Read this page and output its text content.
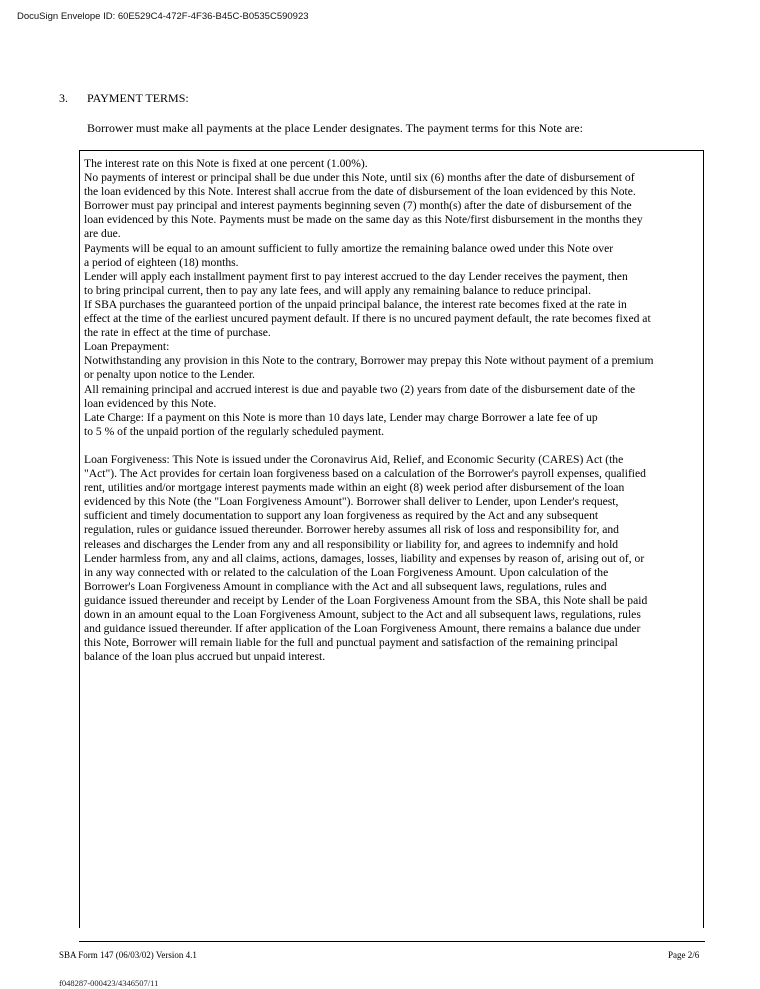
DocuSign Envelope ID: 60E529C4-472F-4F36-B45C-B0535C590923
3. PAYMENT TERMS:
Borrower must make all payments at the place Lender designates. The payment terms for this Note are:
The interest rate on this Note is fixed at one percent (1.00%).
No payments of interest or principal shall be due under this Note, until six (6) months after the date of disbursement of
the loan evidenced by this Note. Interest shall accrue from the date of disbursement of the loan evidenced by this Note.
Borrower must pay principal and interest payments beginning seven (7) month(s) after the date of disbursement of the
loan evidenced by this Note. Payments must be made on the same day as this Note/first disbursement in the months they
are due.
Payments will be equal to an amount sufficient to fully amortize the remaining balance owed under this Note over
a period of eighteen (18) months.
Lender will apply each installment payment first to pay interest accrued to the day Lender receives the payment, then
to bring principal current, then to pay any late fees, and will apply any remaining balance to reduce principal.
If SBA purchases the guaranteed portion of the unpaid principal balance, the interest rate becomes fixed at the rate in
effect at the time of the earliest uncured payment default. If there is no uncured payment default, the rate becomes fixed at
the rate in effect at the time of purchase.
Loan Prepayment:
Notwithstanding any provision in this Note to the contrary, Borrower may prepay this Note without payment of a premium
or penalty upon notice to the Lender.
All remaining principal and accrued interest is due and payable two (2) years from date of the disbursement date of the
loan evidenced by this Note.
Late Charge: If a payment on this Note is more than 10 days late, Lender may charge Borrower a late fee of up
to 5 % of the unpaid portion of the regularly scheduled payment.
Loan Forgiveness: This Note is issued under the Coronavirus Aid, Relief, and Economic Security (CARES) Act (the
"Act"). The Act provides for certain loan forgiveness based on a calculation of the Borrower's payroll expenses, qualified
rent, utilities and/or mortgage interest payments made within an eight (8) week period after disbursement of the loan
evidenced by this Note (the "Loan Forgiveness Amount"). Borrower shall deliver to Lender, upon Lender's request,
sufficient and timely documentation to support any loan forgiveness as required by the Act and any subsequent
regulation, rules or guidance issued thereunder. Borrower hereby assumes all risk of loss and responsibility for, and
releases and discharges the Lender from any and all responsibility or liability for, and agrees to indemnify and hold
Lender harmless from, any and all claims, actions, damages, losses, liability and expenses by reason of, arising out of, or
in any way connected with or related to the calculation of the Loan Forgiveness Amount. Upon calculation of the
Borrower's Loan Forgiveness Amount in compliance with the Act and all subsequent laws, regulations, rules and
guidance issued thereunder and receipt by Lender of the Loan Forgiveness Amount from the SBA, this Note shall be paid
down in an amount equal to the Loan Forgiveness Amount, subject to the Act and all subsequent laws, regulations, rules
and guidance issued thereunder. If after application of the Loan Forgiveness Amount, there remains a balance due under
this Note, Borrower will remain liable for the full and punctual payment and satisfaction of the remaining principal
balance of the loan plus accrued but unpaid interest.
SBA Form 147 (06/03/02) Version 4.1	Page 2/6
f048287-000423/4346507/11
